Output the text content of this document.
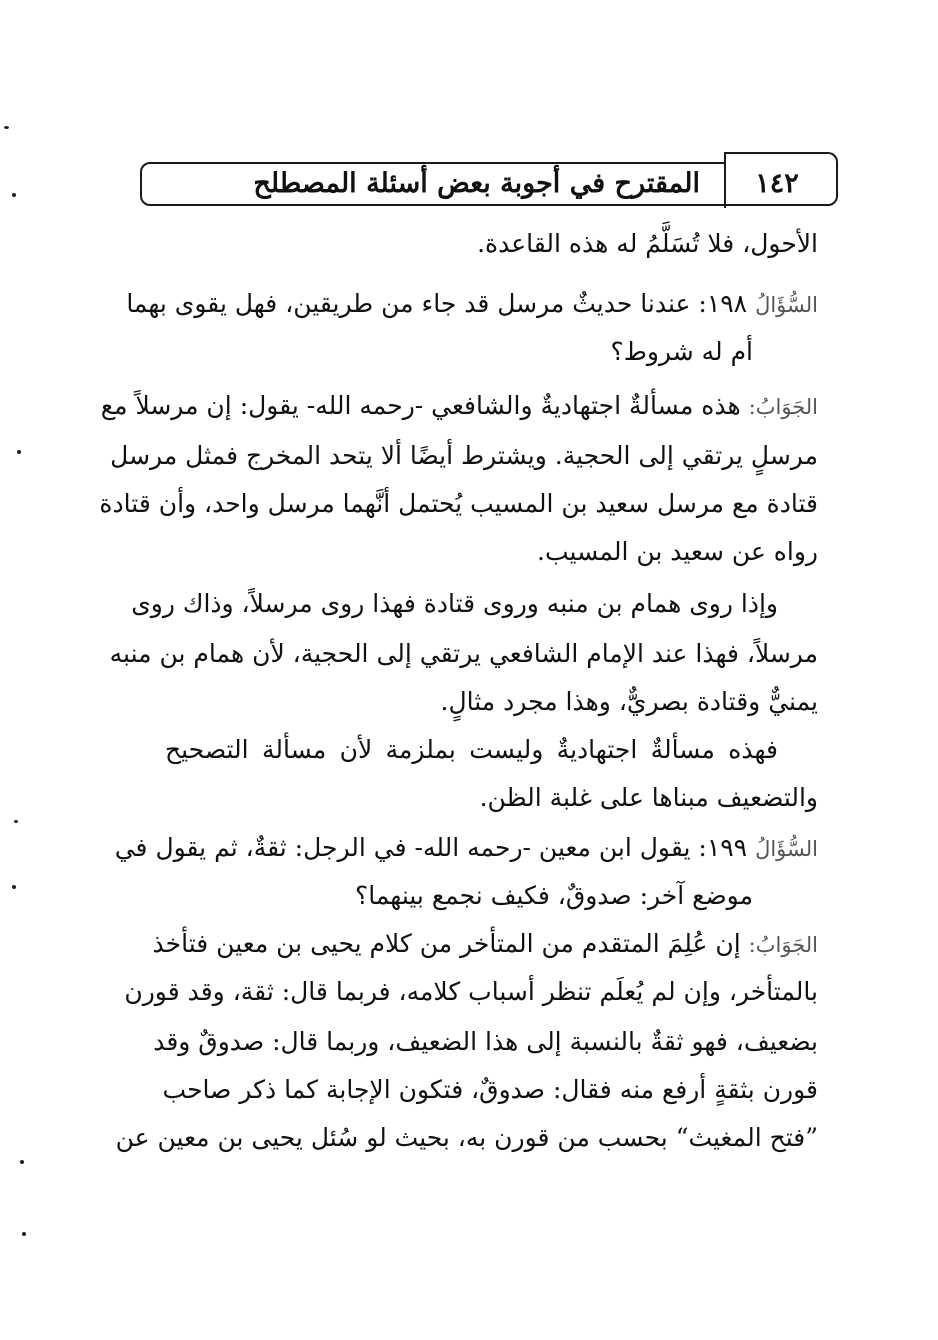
المقترح في أجوبة بعض أسئلة المصطلح	١٤٢
الأحول، فلا تُسَلَّمُ له هذه القاعدة.
السُّؤَالُ ١٩٨: عندنا حديثٌ مرسل قد جاء من طريقين، فهل يقوى بهما
أم له شروط؟
الجَوَابُ: هذه مسألةٌ اجتهاديةٌ والشافعي -رحمه الله- يقول: إن مرسلاً مع
مرسلٍ يرتقي إلى الحجية. ويشترط أيضًا ألا يتحد المخرج فمثل مرسل
قتادة مع مرسل سعيد بن المسيب يُحتمل أنَّهما مرسل واحد، وأن قتادة
رواه عن سعيد بن المسيب.
وإذا روى همام بن منبه وروى قتادة فهذا روى مرسلاً، وذاك روى
مرسلاً، فهذا عند الإمام الشافعي يرتقي إلى الحجية، لأن همام بن منبه
يمنيٌّ وقتادة بصريٌّ، وهذا مجرد مثالٍ.
فهذه مسألةٌ اجتهاديةٌ وليست بملزمة لأن مسألة التصحيح
والتضعيف مبناها على غلبة الظن.
السُّؤَالُ ١٩٩: يقول ابن معين -رحمه الله- في الرجل: ثقةٌ، ثم يقول في
موضع آخر: صدوقٌ، فكيف نجمع بينهما؟
الجَوَابُ: إن عُلِمَ المتقدم من المتأخر من كلام يحيى بن معين فتأخذ
بالمتأخر، وإن لم يُعلَم تنظر أسباب كلامه، فربما قال: ثقة، وقد قورن
بضعيف، فهو ثقةٌ بالنسبة إلى هذا الضعيف، وربما قال: صدوقٌ وقد
قورن بثقةٍ أرفع منه فقال: صدوقٌ، فتكون الإجابة كما ذكر صاحب
”فتح المغيث“ بحسب من قورن به، بحيث لو سُئل يحيى بن معين عن
